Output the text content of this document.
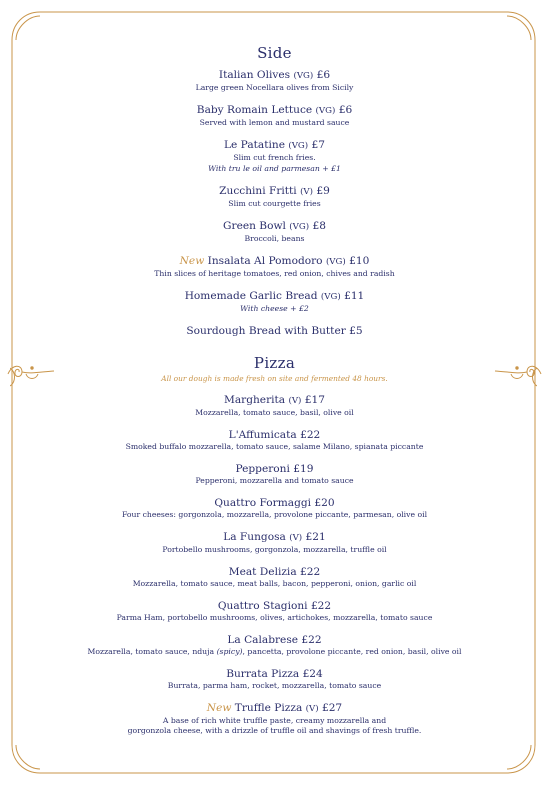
Side
Italian Olives (VG) £6
Large green Nocellara olives from Sicily
Baby Romain Lettuce (VG) £6
Served with lemon and mustard sauce
Le Patatine (VG) £7
Slim cut french fries.
With tru le oil and parmesan + £1
Zucchini Fritti (V) £9
Slim cut courgette fries
Green Bowl (VG) £8
Broccoli, beans
New Insalata Al Pomodoro (VG) £10
Thin slices of heritage tomatoes, red onion, chives and radish
Homemade Garlic Bread (VG) £11
With cheese + £2
Sourdough Bread with Butter £5
Pizza
All our dough is made fresh on site and fermented 48 hours.
Margherita (V) £17
Mozzarella, tomato sauce, basil, olive oil
L'Affumicata £22
Smoked buffalo mozzarella, tomato sauce, salame Milano, spianata piccante
Pepperoni £19
Pepperoni, mozzarella and tomato sauce
Quattro Formaggi £20
Four cheeses: gorgonzola, mozzarella, provolone piccante, parmesan, olive oil
La Fungosa (V) £21
Portobello mushrooms, gorgonzola, mozzarella, truffle oil
Meat Delizia £22
Mozzarella, tomato sauce, meat balls, bacon, pepperoni, onion, garlic oil
Quattro Stagioni £22
Parma Ham, portobello mushrooms, olives, artichokes, mozzarella, tomato sauce
La Calabrese £22
Mozzarella, tomato sauce, nduja (spicy), pancetta, provolone piccante, red onion, basil, olive oil
Burrata Pizza £24
Burrata, parma ham, rocket, mozzarella, tomato sauce
New Truffle Pizza (V) £27
A base of rich white truffle paste, creamy mozzarella and
gorgonzola cheese, with a drizzle of truffle oil and shavings of fresh truffle.
